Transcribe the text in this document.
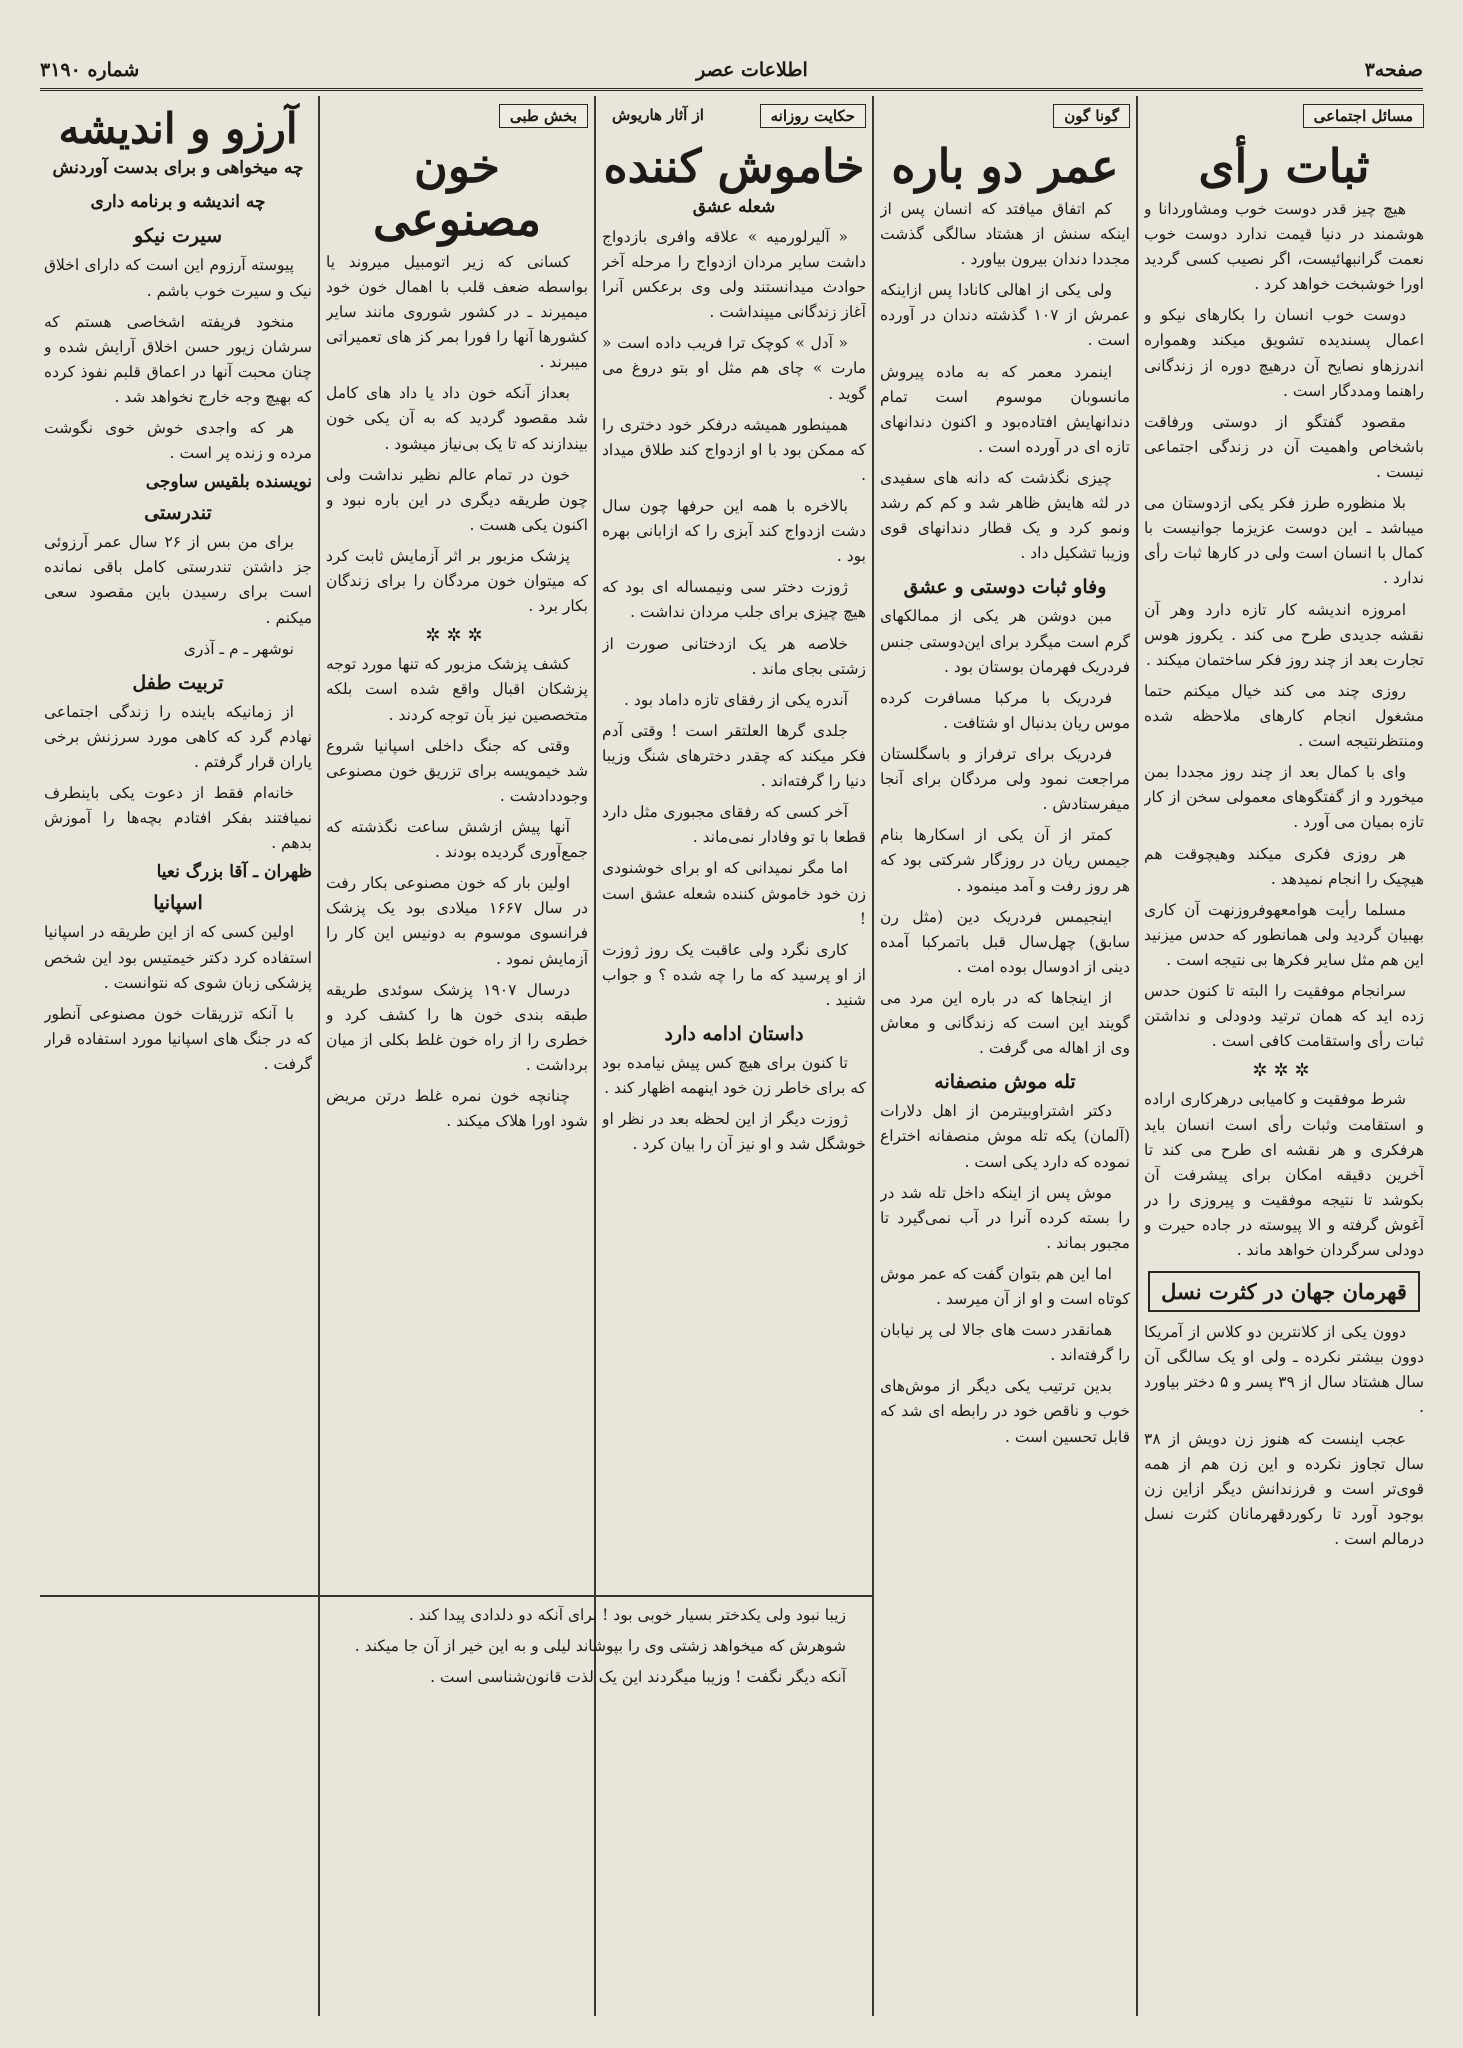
صفحه۳
اطلاعات عصر
شماره ۳۱۹۰
مسائل اجتماعی
ثبات رأی

هیچ چیز قدر دوست خوب ومشاوردانا و هوشمند در دنیا قیمت ندارد دوست خوب نعمت گرانبهائیست،‌ اگر نصیب کسی گردید اورا خوشبخت خواهد کرد .

دوست خوب انسان را بکارهای نیکو و اعمال پسندیده تشویق میکند وهمواره اندرزهاو نصایح آن درهیچ دوره از زندگانی راهنما ومددگار است .

مقصود گفتگو از دوستی ورفاقت باشخاص واهمیت آن در زندگی اجتماعی نیست .

بلا منظوره طرز فکر یکی ازدوستان می میباشد ـ این دوست عزیزما جوانیست با کمال با انسان است ولی در کارها ثبات رأی ندارد .

امروزه اندیشه کار تازه دارد وهر آن نقشه جدیدی طرح می کند . یکروز هوس تجارت بعد از چند روز فکر ساختمان میکند .

روزی چند می کند خیال میکنم حتما مشغول انجام کارهای ملاحظه شده ومنتظرنتیجه است .

وای با کمال بعد از چند روز مجددا بمن میخورد و از گفتگوهای معمولی سخن از کار تازه بمیان می آورد .

هر روزی فکری میکند وهیچوقت هم هیچیک را انجام نمیدهد .

مسلما رأیت هوامعهوفروزنهت آن کاری بهبیان گردید ولی همانطور که حدس میزنید این هم مثل سایر فکرها بی نتیجه است .

سرانجام موفقیت را البته تا کنون حدس زده اید که همان ترتید ودودلی و نداشتن ثبات رأی واستقامت کافی است .

✲✲✲

شرط موفقیت و کامیابی درهرکاری اراده و استقامت وثبات رأی است انسان باید هرفکری و هر نقشه ای طرح می کند تا آخرین دقیقه امکان برای پیشرفت آن بکوشد تا نتیجه موفقیت و پیروزی را در آغوش گرفته و الا پیوسته در جاده حیرت و دودلی سرگردان خواهد ماند .

قهرمان جهان در کثرت نسل

دوون یکی از کلانترین دو کلاس از آمریکا دوون بیشتر نکرده ـ ولی او یک سالگی آن سال هشتاد سال از ۳۹ پسر و ۵ دختر بیاورد .

عجب اینست که هنوز زن دویش از ۳۸ سال تجاوز نکرده و این زن هم از همه قوی‌تر است و فرزندانش دیگر ازاین زن بوجود آورد تا رکوردقهرمانان کثرت نسل درمالم است .

گونا گون
عمر دو باره

کم اتفاق میافتد که انسان پس از اینکه سنش از هشتاد سالگی گذشت مجددا دندان بیرون بیاورد .

ولی یکی از اهالی کانادا پس ازاینکه عمرش از ۱۰۷ گذشته دندان در آورده است .

اینمرد معمر که به ماده پیروش مانسوبان موسوم است تمام دندانهایش افتاده‌بود و اکنون دندانهای تازه ای در آورده است .

چیزی نگذشت که دانه های سفیدی در لثه هایش ظاهر شد و کم کم رشد ونمو کرد و یک قطار دندانهای قوی وزیبا تشکیل داد .

وفاو ثبات دوستی و عشق

مبن دوشن هر یکی از ممالکهای گرم است میگرد برای این‌دوستی جنس فردریک فهرمان بوستان بود .

فردریک با مرکبا مسافرت کرده موس ریان بدنبال او شتافت .

فردریک برای ترفراز و باسگلستان مراجعت نمود ولی مردگان برای آنجا میفرستادش .

کمتر از آن یکی از اسکارها بنام جیمس ریان در روزگار شرکتی بود که هر روز رفت و آمد مینمود .

اینجیمس فردریک دین (مثل رن سابق) چهل‌سال قبل باتمرکبا آمده دینی از ادوسال بوده امت .

از اینجاها که در باره این مرد می گویند این است که زندگانی و معاش وی از اهاله می گرفت .

تله موش منصفانه

دکتر اشتراوبیترمن از اهل دلارات (آلمان) یکه تله موش منصفانه اختراع نموده که دارد یکی است .

موش پس از اینکه داخل تله شد در را بسته کرده آنرا در آب نمی‌گیرد تا مجبور بماند .

اما این هم بتوان گفت که عمر موش کوتاه است و او از آن میرسد .

همانقدر دست های جالا لی پر نیابان را گرفته‌اند .

بدین ترتیب یکی دیگر از موش‌های خوب و ناقص خود در رابطه ای شد که قابل تحسین است .

حکایت روزانه
از آثار هاریوش
خاموش کننده
شعله عشق

« آلیرلورمیه » علاقه وافری بازدواج داشت سایر مردان ازدواج را مرحله آخر حوادث میدانستند ولی وی برعکس آنرا آغاز زندگانی میپنداشت .

« آدل » کوچک ترا فریب داده است « مارت » چای هم مثل او بتو دروغ می گوید .

همینطور همیشه درفکر خود دختری را که ممکن بود با او ازدواج کند طلاق میداد .

بالاخره با همه این حرفها چون سال دشت ازدواج کند آبزی را که ازابانی بهره بود .

ژوزت دختر سی ونیمساله ای بود که هیچ چیزی برای جلب مردان نداشت .

خلاصه هر یک ازدختانی صورت از زشتی بجای ماند .

آندره یکی از رفقای تازه داماد بود .

جلدی گرها العلتقر است ! وقتی آدم فکر میکند که چقدر دخترهای شنگ وزیبا دنیا را گرفته‌اند .

آخر کسی که رفقای مجبوری مثل دارد قطعا با تو وفادار نمی‌ماند .

اما مگر نمیدانی که او برای خوشنودی زن خود خاموش کننده شعله عشق است !

کاری نگرد ولی عاقبت یک روز ژوزت از او پرسید که ما را چه شده ؟ و جواب شنید .

داستان ادامه دارد

تا کنون برای هیچ کس پیش نیامده بود که برای خاطر زن خود اینهمه اظهار کند .

ژوزت دیگر از این لحظه بعد در نظر او خوشگل شد و او نیز آن را بیان کرد .

بخش طبی
خون مصنوعی

کسانی که زیر اتومبیل میروند یا بواسطه ضعف قلب با اهمال خون خود میمیرند ـ در کشور شوروی مانند سایر کشورها آنها را فورا بمر کز های تعمیراتی میبرند .

بعداز آنکه خون داد یا داد های کامل شد مقصود گردید که به آن یکی خون بیندازند که تا یک بی‌نیاز میشود .

خون در تمام عالم نظیر نداشت ولی چون طریقه دیگری در این باره نبود و اکنون یکی هست .

پزشک مزبور بر اثر آزمایش ثابت کرد که میتوان خون مردگان را برای زندگان بکار برد .

✲✲✲

کشف پزشک مزبور که تنها مورد توجه پزشکان اقبال واقع شده است بلکه متخصصین نیز بآن توجه کردند .

وقتی که جنگ داخلی اسپانیا شروع شد خیمویسه برای تزریق خون مصنوعی وجوددادشت .

آنها پیش ازشش ساعت نگذشته که جمع‌آوری گردیده بودند .

اولین بار که خون مصنوعی بکار رفت در سال ۱۶۶۷ میلادی بود یک پزشک فرانسوی موسوم به دونیس این کار را آزمایش نمود .

درسال ۱۹۰۷ پزشک سوئدی طریقه طبقه بندی خون ها را کشف کرد و خطری را از راه خون غلط بکلی از میان برداشت .

چنانچه خون نمره غلط درتن مریض شود اورا هلاک میکند .

آرزو و اندیشه
چه میخواهی و برای بدست آوردنش
چه اندیشه و برنامه داری
سیرت نیکو

پیوسته آرزوم این است که دارای اخلاق نیک و سیرت خوب باشم .

منخود فریفته اشخاصی هستم که سرشان زیور حسن اخلاق آرایش شده و چنان محبت آنها در اعماق قلبم نفوذ کرده که بهیچ وجه خارج نخواهد شد .

هر که واجدی خوش خوی نگوشت مرده و زنده پر است .

نویسنده بلقیس ساوجی
تندرستی

برای من بس از ۲۶ سال عمر آرزوئی جز داشتن تندرستی کامل باقی نمانده است برای رسیدن باین مقصود سعی میکنم .

نوشهر ـ م ـ آذری

تربیت طفل

از زمانیکه باینده را زندگی اجتماعی نهادم گرد که کاهی مورد سرزنش برخی یاران قرار گرفتم .

خانه‌ام فقط از دعوت یکی باینطرف نمیافتند بفکر افتادم بچه‌ها را آموزش بدهم .

ظهران ـ آقا بزرگ نعیا
اسپانیا

اولین کسی که از این طریقه در اسپانیا استفاده کرد دکتر خیمتیس بود این شخص پزشکی زبان شوی که نتوانست .

با آنکه تزریقات خون مصنوعی آنطور که در جنگ های اسپانیا مورد استفاده قرار گرفت .

زیبا نبود ولی یکدختر بسیار خوبی بود ! برای آنکه دو دلدادی پیدا کند .

شوهرش که میخواهد زشتی وی را بپوشاند لیلی و به این خیر از آن جا میکند .

آنکه دیگر نگفت ! وزیبا میگردند این یک لذت قانون‌شناسی است .
